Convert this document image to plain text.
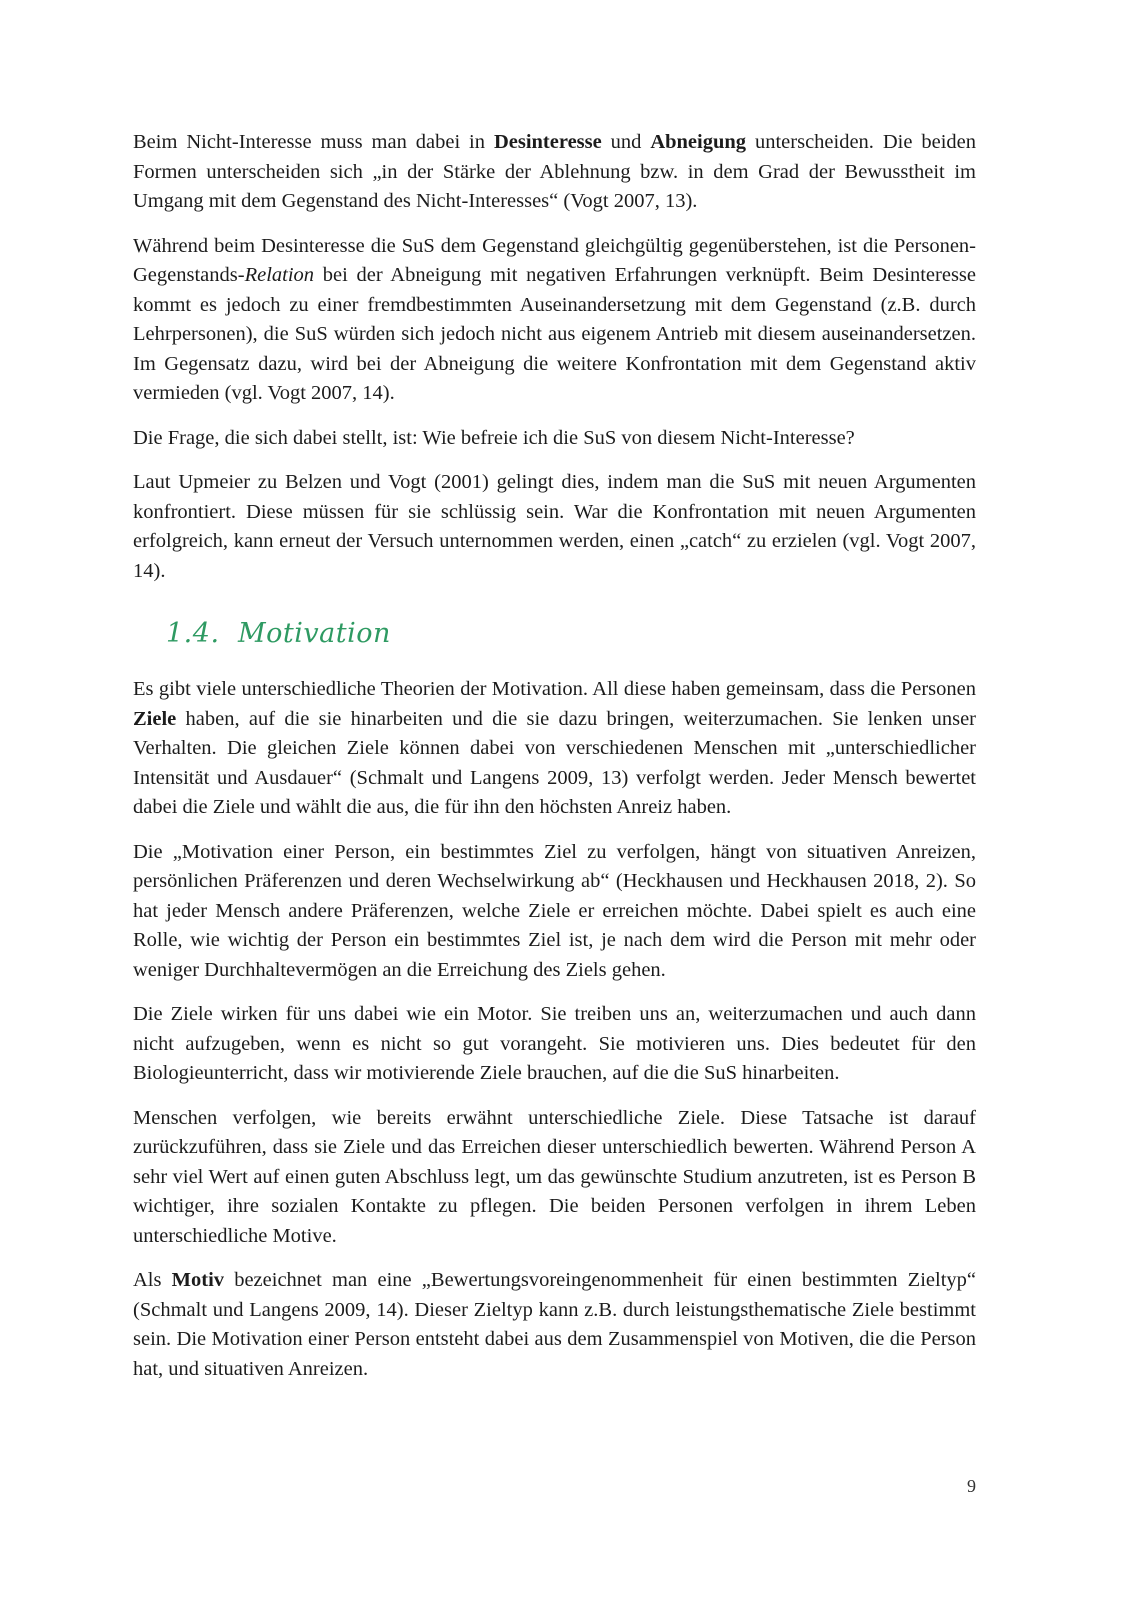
Beim Nicht-Interesse muss man dabei in Desinteresse und Abneigung unterscheiden. Die beiden Formen unterscheiden sich „in der Stärke der Ablehnung bzw. in dem Grad der Bewusstheit im Umgang mit dem Gegenstand des Nicht-Interesses“ (Vogt 2007, 13).

Während beim Desinteresse die SuS dem Gegenstand gleichgültig gegenüberstehen, ist die Personen-Gegenstands-Relation bei der Abneigung mit negativen Erfahrungen verknüpft. Beim Desinteresse kommt es jedoch zu einer fremdbestimmten Auseinandersetzung mit dem Gegenstand (z.B. durch Lehrpersonen), die SuS würden sich jedoch nicht aus eigenem Antrieb mit diesem auseinandersetzen. Im Gegensatz dazu, wird bei der Abneigung die weitere Konfrontation mit dem Gegenstand aktiv vermieden (vgl. Vogt 2007, 14).

Die Frage, die sich dabei stellt, ist: Wie befreie ich die SuS von diesem Nicht-Interesse?

Laut Upmeier zu Belzen und Vogt (2001) gelingt dies, indem man die SuS mit neuen Argumenten konfrontiert. Diese müssen für sie schlüssig sein. War die Konfrontation mit neuen Argumenten erfolgreich, kann erneut der Versuch unternommen werden, einen „catch“ zu erzielen (vgl. Vogt 2007, 14).

1.4. Motivation

Es gibt viele unterschiedliche Theorien der Motivation. All diese haben gemeinsam, dass die Personen Ziele haben, auf die sie hinarbeiten und die sie dazu bringen, weiterzumachen. Sie lenken unser Verhalten. Die gleichen Ziele können dabei von verschiedenen Menschen mit „unterschiedlicher Intensität und Ausdauer“ (Schmalt und Langens 2009, 13) verfolgt werden. Jeder Mensch bewertet dabei die Ziele und wählt die aus, die für ihn den höchsten Anreiz haben.

Die „Motivation einer Person, ein bestimmtes Ziel zu verfolgen, hängt von situativen Anreizen, persönlichen Präferenzen und deren Wechselwirkung ab“ (Heckhausen und Heckhausen 2018, 2). So hat jeder Mensch andere Präferenzen, welche Ziele er erreichen möchte. Dabei spielt es auch eine Rolle, wie wichtig der Person ein bestimmtes Ziel ist, je nach dem wird die Person mit mehr oder weniger Durchhaltevermögen an die Erreichung des Ziels gehen.

Die Ziele wirken für uns dabei wie ein Motor. Sie treiben uns an, weiterzumachen und auch dann nicht aufzugeben, wenn es nicht so gut vorangeht. Sie motivieren uns. Dies bedeutet für den Biologieunterricht, dass wir motivierende Ziele brauchen, auf die die SuS hinarbeiten.

Menschen verfolgen, wie bereits erwähnt unterschiedliche Ziele. Diese Tatsache ist darauf zurückzuführen, dass sie Ziele und das Erreichen dieser unterschiedlich bewerten. Während Person A sehr viel Wert auf einen guten Abschluss legt, um das gewünschte Studium anzutreten, ist es Person B wichtiger, ihre sozialen Kontakte zu pflegen. Die beiden Personen verfolgen in ihrem Leben unterschiedliche Motive.

Als Motiv bezeichnet man eine „Bewertungsvoreingenommenheit für einen bestimmten Zieltyp“ (Schmalt und Langens 2009, 14). Dieser Zieltyp kann z.B. durch leistungsthematische Ziele bestimmt sein. Die Motivation einer Person entsteht dabei aus dem Zusammenspiel von Motiven, die die Person hat, und situativen Anreizen.

9
